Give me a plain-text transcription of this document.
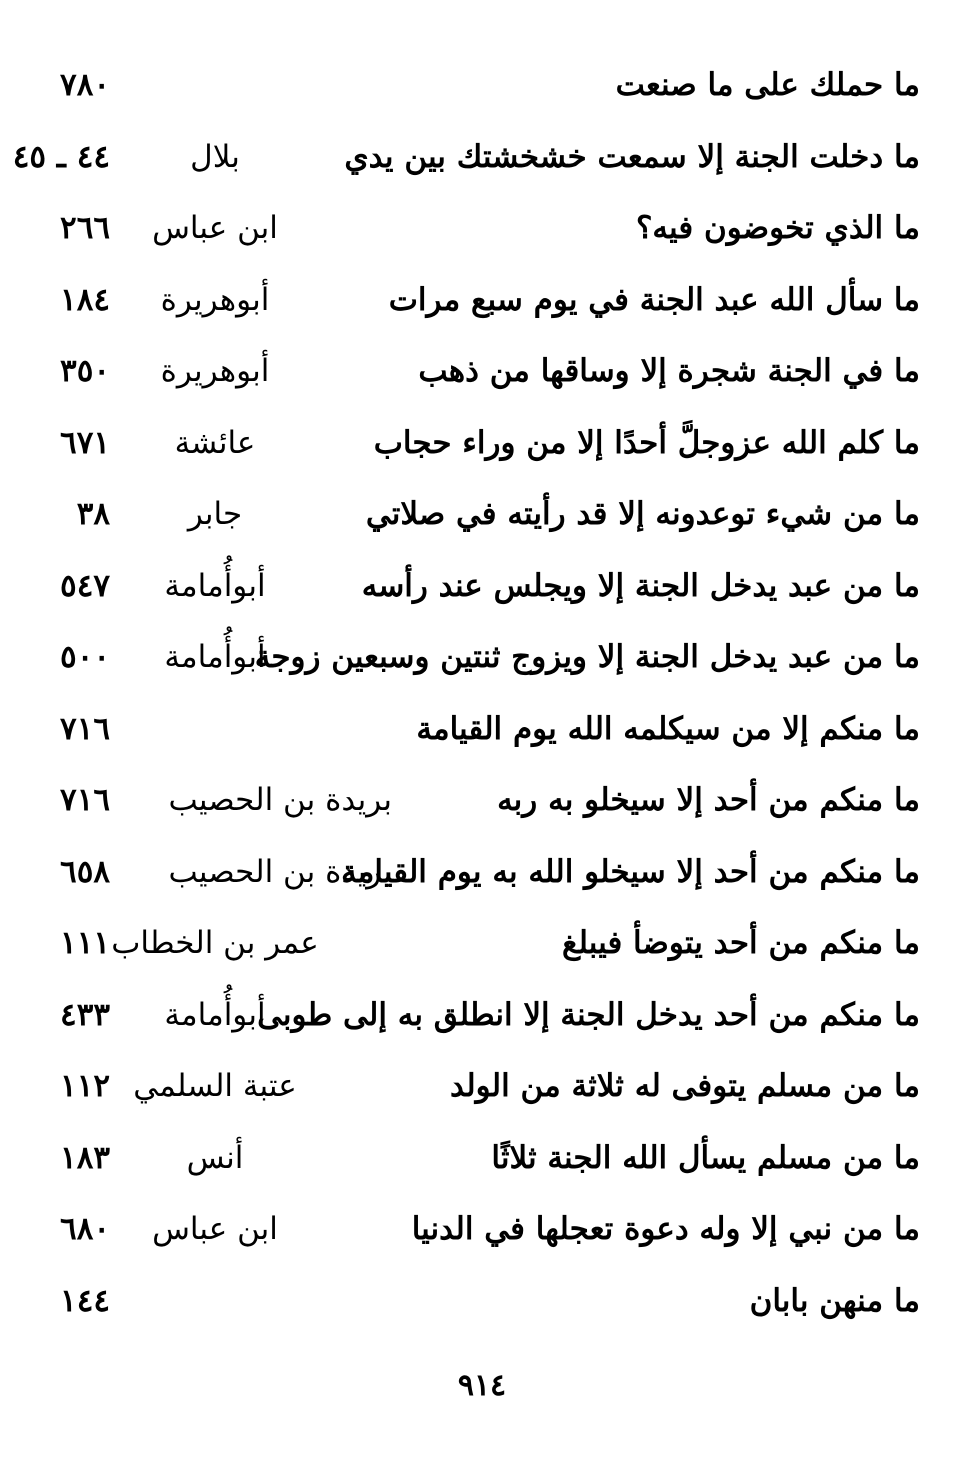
ما حملك على ما صنعت
٧٨٠
ما دخلت الجنة إلا سمعت خشخشتك بين يدي
بلال
٤٤ ـ ٤٥
ما الذي تخوضون فيه؟
ابن عباس
٢٦٦
ما سأل الله عبد الجنة في يوم سبع مرات
أبوهريرة
١٨٤
ما في الجنة شجرة إلا وساقها من ذهب
أبوهريرة
٣٥٠
ما كلم الله عزوجلَّ أحدًا إلا من وراء حجاب
عائشة
٦٧١
ما من شيء توعدونه إلا قد رأيته في صلاتي
جابر
٣٨
ما من عبد يدخل الجنة إلا ويجلس عند رأسه
أبوأُمامة
٥٤٧
ما من عبد يدخل الجنة إلا ويزوج ثنتين وسبعين زوجة
أبوأُمامة
٥٠٠
ما منكم إلا من سيكلمه الله يوم القيامة
٧١٦
ما منكم من أحد إلا سيخلو به ربه
بريدة بن الحصيب
٧١٦
ما منكم من أحد إلا سيخلو الله به يوم القيامة
بريدة بن الحصيب
٦٥٨
ما منكم من أحد يتوضأ فيبلغ
عمر بن الخطاب
١١١
ما منكم من أحد يدخل الجنة إلا انطلق به إلى طوبى
أبوأُمامة
٤٣٣
ما من مسلم يتوفى له ثلاثة من الولد
عتبة السلمي
١١٢
ما من مسلم يسأل الله الجنة ثلاثًا
أنس
١٨٣
ما من نبي إلا وله دعوة تعجلها في الدنيا
ابن عباس
٦٨٠
ما منهن بابان
١٤٤
٩١٤
